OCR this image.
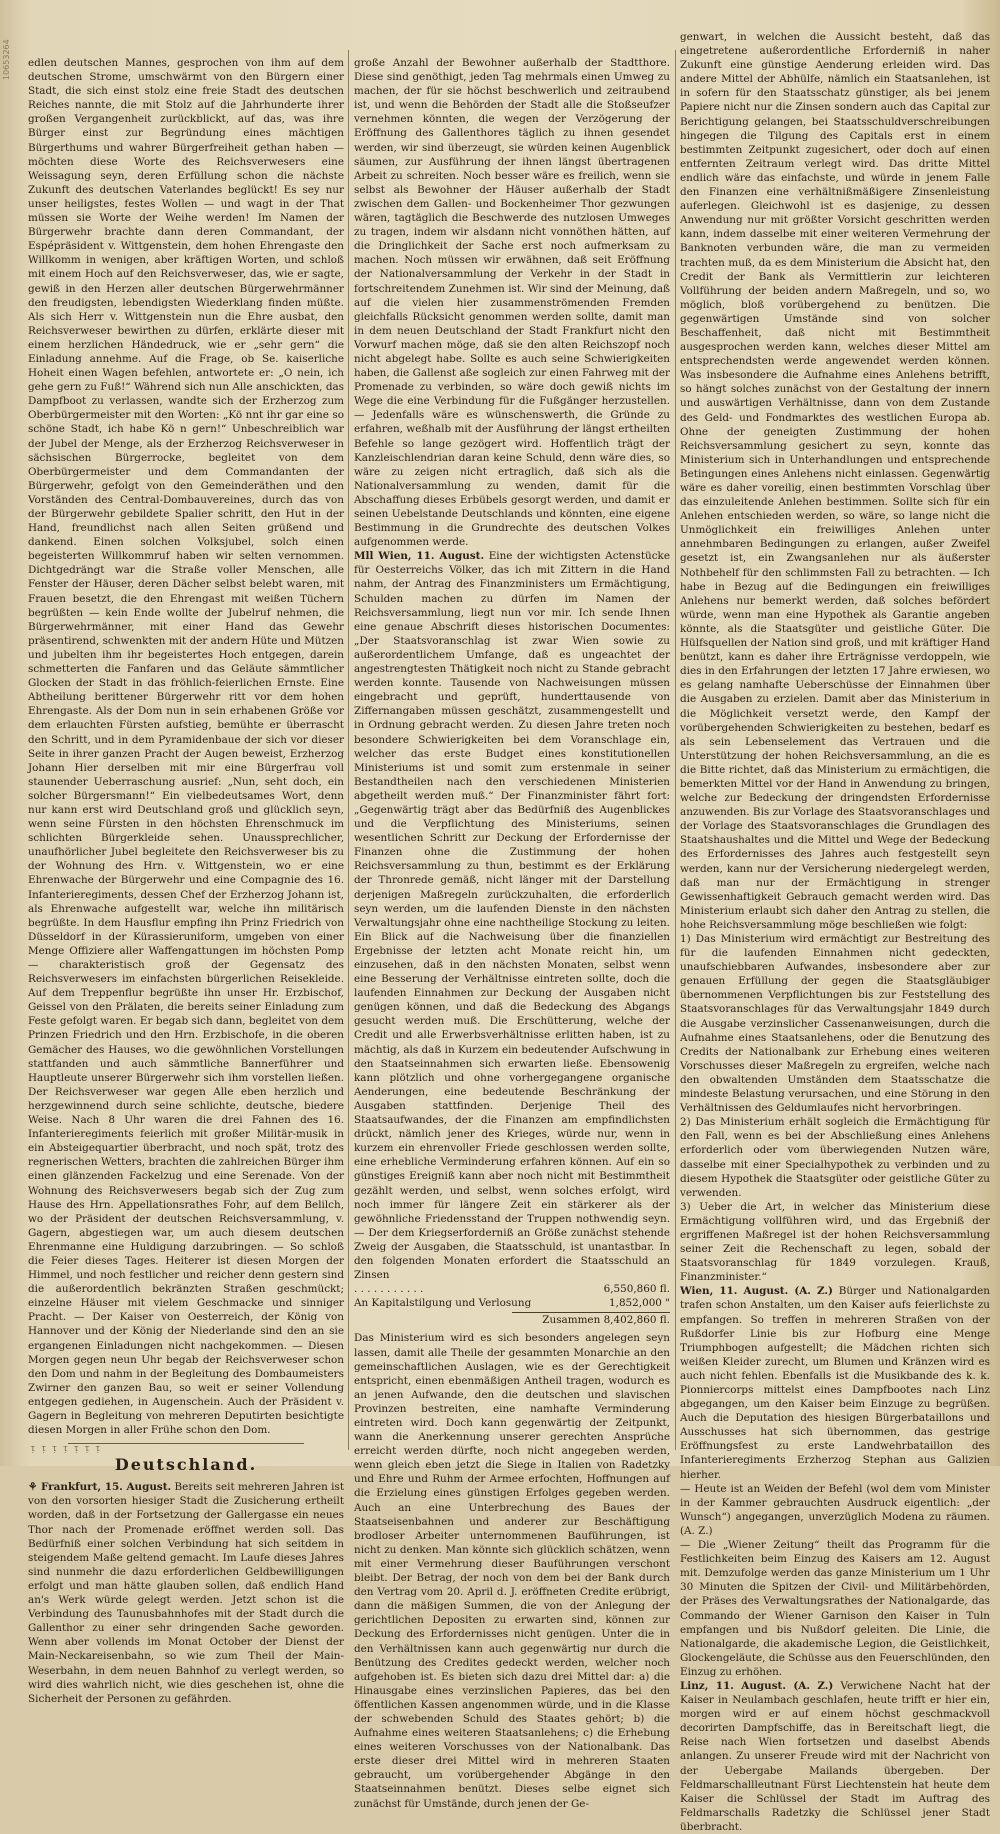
10653264 edlen deutschen Mannes, gesprochen von ihm auf dem deutschen Strome, umschwärmt von den Bürgern einer Stadt, die sich einst stolz eine freie Stadt des deutschen Reiches nannte, die mit Stolz auf die Jahrhunderte ihrer großen Vergangenheit zurückblickt, auf das, was ihre Bürger einst zur Begründung eines mächtigen Bürgerthums und wahrer Bürgerfreiheit gethan haben — möchten diese Worte des Reichsverwesers eine Weissagung seyn, deren Erfüllung schon die nächste Zukunft des deutschen Vaterlandes beglückt! Es sey nur unser heiligstes, festes Wollen — und wagt in der That müssen sie Worte der Weihe werden! Im Namen der Bürgerwehr brachte dann deren Commandant, der Espépräsident v. Wittgenstein, dem hohen Ehrengaste den Willkomm in wenigen, aber kräftigen Worten, und schloß mit einem Hoch auf den Reichsverweser, das, wie er sagte, gewiß in den Herzen aller deutschen Bürgerwehrmänner den freudigsten, lebendigsten Wiederklang finden müßte. Als sich Herr v. Wittgenstein nun die Ehre ausbat, den Reichsverweser bewirthen zu dürfen, erklärte dieser mit einem herzlichen Händedruck, wie er „sehr gern“ die Einladung annehme. Auf die Frage, ob Se. kaiserliche Hoheit einen Wagen befehlen, antwortete er: „O nein, ich gehe gern zu Fuß!“ Während sich nun Alle anschickten, das Dampfboot zu verlassen, wandte sich der Erzherzog zum Oberbürgermeister mit den Worten: „Kö nnt ihr gar eine so schöne Stadt, ich habe Kö n gern!“ Unbeschreiblich war der Jubel der Menge, als der Erzherzog Reichsverweser in sächsischen Bürgerrocke, begleitet von dem Oberbürgermeister und dem Commandanten der Bürgerwehr, gefolgt von den Gemeinderäthen und den Vorständen des Central-Dombauvereines, durch das von der Bürgerwehr gebildete Spalier schritt, den Hut in der Hand, freundlichst nach allen Seiten grüßend und dankend. Einen solchen Volksjubel, solch einen begeisterten Willkommruf haben wir selten vernommen. Dichtgedrängt war die Straße voller Menschen, alle Fenster der Häuser, deren Dächer selbst belebt waren, mit Frauen besetzt, die den Ehrengast mit weißen Tüchern begrüßten — kein Ende wollte der Jubelruf nehmen, die Bürgerwehrmänner, mit einer Hand das Gewehr präsentirend, schwenkten mit der andern Hüte und Mützen und jubelten ihm ihr begeistertes Hoch entgegen, darein schmetterten die Fanfaren und das Geläute sämmtlicher Glocken der Stadt in das fröhlich-feierlichen Ernste. Eine Abtheilung berittener Bürgerwehr ritt vor dem hohen Ehrengaste. Als der Dom nun in sein erhabenen Größe vor dem erlauchten Fürsten aufstieg, bemühte er überrascht den Schritt, und in dem Pyramidenbaue der sich vor dieser Seite in ihrer ganzen Pracht der Augen beweist, Erzherzog Johann Hier derselben mit mir eine Bürgerfrau voll staunender Ueberraschung ausrief: „Nun, seht doch, ein solcher Bürgersmann!“ Ein vielbedeutsames Wort, denn nur kann erst wird Deutschland groß und glücklich seyn, wenn seine Fürsten in den höchsten Ehrenschmuck im schlichten Bürgerkleide sehen. Unaussprechlicher, unaufhörlicher Jubel begleitete den Reichsverweser bis zu der Wohnung des Hrn. v. Wittgenstein, wo er eine Ehrenwache der Bürgerwehr und eine Compagnie des 16. Infanterieregiments, dessen Chef der Erzherzog Johann ist, als Ehrenwache aufgestellt war, welche ihn militärisch begrüßte. In dem Hausflur empfing ihn Prinz Friedrich von Düsseldorf in der Kürassieruniform, umgeben von einer Menge Offiziere aller Waffengattungen im höchsten Pomp — charakteristisch groß der Gegensatz des Reichsverwesers im einfachsten bürgerlichen Reisekleide. Auf dem Treppenflur begrüßte ihn unser Hr. Erzbischof, Geissel von den Prälaten, die bereits seiner Einladung zum Feste gefolgt waren. Er begab sich dann, begleitet von dem Prinzen Friedrich und den Hrn. Erzbischofe, in die oberen Gemächer des Hauses, wo die gewöhnlichen Vorstellungen stattfanden und auch sämmtliche Bannerführer und Hauptleute unserer Bürgerwehr sich ihm vorstellen ließen. Der Reichsverweser war gegen Alle eben herzlich und herzgewinnend durch seine schlichte, deutsche, biedere Weise. Nach 8 Uhr waren die drei Fahnen des 16. Infanterieregiments feierlich mit großer Militär-musik in ein Absteigequartier überbracht, und noch spät, trotz des regnerischen Wetters, brachten die zahlreichen Bürger ihm einen glänzenden Fackelzug und eine Serenade. Von der Wohnung des Reichsverwesers begab sich der Zug zum Hause des Hrn. Appellationsrathes Fohr, auf dem Belilch, wo der Präsident der deutschen Reichsversammlung, v. Gagern, abgestiegen war, um auch diesem deutschen Ehrenmanne eine Huldigung darzubringen. — So schloß die Feier dieses Tages. Heiterer ist diesen Morgen der Himmel, und noch festlicher und reicher denn gestern sind die außerordentlich bekränzten Straßen geschmückt; einzelne Häuser mit vielem Geschmacke und sinniger Pracht. — Der Kaiser von Oesterreich, der König von Hannover und der König der Niederlande sind den an sie ergangenen Einladungen nicht nachgekommen. — Diesen Morgen gegen neun Uhr begab der Reichsverweser schon den Dom und nahm in der Begleitung des Dombaumeisters Zwirner den ganzen Bau, so weit er seiner Vollendung entgegen gediehen, in Augenschein. Auch der Präsident v. Gagern in Begleitung von mehreren Deputirten besichtigte diesen Morgen in aller Frühe schon den Dom.

Deutschland.

⚘ Frankfurt, 15. August. Bereits seit mehreren Jahren ist von den vorsorten hiesiger Stadt die Zusicherung ertheilt worden, daß in der Fortsetzung der Gallergasse ein neues Thor nach der Promenade eröffnet werden soll. Das Bedürfniß einer solchen Verbindung hat sich seitdem in steigendem Maße geltend gemacht. Im Laufe dieses Jahres sind nunmehr die dazu erforderlichen Geldbewilligungen erfolgt und man hätte glauben sollen, daß endlich Hand an's Werk würde gelegt werden. Jetzt schon ist die Verbindung des Taunusbahnhofes mit der Stadt durch die Gallenthor zu einer sehr dringenden Sache geworden. Wenn aber vollends im Monat October der Dienst der Main-Neckareisenbahn, so wie zum Theil der Main-Weserbahn, in dem neuen Bahnhof zu verlegt werden, so wird dies wahrlich nicht, wie dies geschehen ist, ohne die Sicherheit der Personen zu gefährden.

große Anzahl der Bewohner außerhalb der Stadtthore. Diese sind genöthigt, jeden Tag mehrmals einen Umweg zu machen, der für sie höchst beschwerlich und zeitraubend ist, und wenn die Behörden der Stadt alle die Stoßseufzer vernehmen könnten, die wegen der Verzögerung der Eröffnung des Gallenthores täglich zu ihnen gesendet werden, wir sind überzeugt, sie würden keinen Augenblick säumen, zur Ausführung der ihnen längst übertragenen Arbeit zu schreiten. Noch besser wäre es freilich, wenn sie selbst als Bewohner der Häuser außerhalb der Stadt zwischen dem Gallen- und Bockenheimer Thor gezwungen wären, tagtäglich die Beschwerde des nutzlosen Umweges zu tragen, indem wir alsdann nicht vonnöthen hätten, auf die Dringlichkeit der Sache erst noch aufmerksam zu machen. Noch müssen wir erwähnen, daß seit Eröffnung der Nationalversammlung der Verkehr in der Stadt in fortschreitendem Zunehmen ist. Wir sind der Meinung, daß auf die vielen hier zusammenströmenden Fremden gleichfalls Rücksicht genommen werden sollte, damit man in dem neuen Deutschland der Stadt Frankfurt nicht den Vorwurf machen möge, daß sie den alten Reichszopf noch nicht abgelegt habe. Sollte es auch seine Schwierigkeiten haben, die Gallenst aße sogleich zur einen Fahrweg mit der Promenade zu verbinden, so wäre doch gewiß nichts im Wege die eine Verbindung für die Fußgänger herzustellen. — Jedenfalls wäre es wünschenswerth, die Gründe zu erfahren, weßhalb mit der Ausführung der längst ertheilten Befehle so lange gezögert wird. Hoffentlich trägt der Kanzleischlendrian daran keine Schuld, denn wäre dies, so wäre zu zeigen nicht ertraglich, daß sich als die Nationalversammlung zu wenden, damit für die Abschaffung dieses Erbübels gesorgt werden, und damit er seinen Uebelstande Deutschlands und könnten, eine eigene Bestimmung in die Grundrechte des deutschen Volkes aufgenommen werde.

Mll Wien, 11. August. Eine der wichtigsten Actenstücke für Oesterreichs Völker, das ich mit Zittern in die Hand nahm, der Antrag des Finanzministers um Ermächtigung, Schulden machen zu dürfen im Namen der Reichsversammlung, liegt nun vor mir. Ich sende Ihnen eine genaue Abschrift dieses historischen Documentes: „Der Staatsvoranschlag ist zwar Wien sowie zu außerordentlichem Umfange, daß es ungeachtet der angestrengtesten Thätigkeit noch nicht zu Stande gebracht werden konnte. Tausende von Nachweisungen müssen eingebracht und geprüft, hunderttausende von Ziffernangaben müssen geschätzt, zusammengestellt und in Ordnung gebracht werden. Zu diesen Jahre treten noch besondere Schwierigkeiten bei dem Voranschlage ein, welcher das erste Budget eines konstitutionellen Ministeriums ist und somit zum erstenmale in seiner Bestandtheilen nach den verschiedenen Ministerien abgetheilt werden muß.“ Der Finanzminister fährt fort: „Gegenwärtig trägt aber das Bedürfniß des Augenblickes und die Verpflichtung des Ministeriums, seinen wesentlichen Schritt zur Deckung der Erfordernisse der Finanzen ohne die Zustimmung der hohen Reichsversammlung zu thun, bestimmt es der Erklärung der Thronrede gemäß, nicht länger mit der Darstellung derjenigen Maßregeln zurückzuhalten, die erforderlich seyn werden, um die laufenden Dienste in den nächsten Verwaltungsjahr ohne eine nachtheilige Stockung zu leiten. Ein Blick auf die Nachweisung über die finanziellen Ergebnisse der letzten acht Monate reicht hin, um einzusehen, daß in den nächsten Monaten, selbst wenn eine Besserung der Verhältnisse eintreten sollte, doch die laufenden Einnahmen zur Deckung der Ausgaben nicht genügen können, und daß die Bedeckung des Abgangs gesucht werden muß. Die Erschütterung, welche der Credit und alle Erwerbsverhältnisse erlitten haben, ist zu mächtig, als daß in Kurzem ein bedeutender Aufschwung in den Staatseinnahmen sich erwarten ließe. Ebensowenig kann plötzlich und ohne vorhergegangene organische Aenderungen, eine bedeutende Beschränkung der Ausgaben stattfinden. Derjenige Theil des Staatsaufwandes, der die Finanzen am empfindlichsten drückt, nämlich jener des Krieges, würde nur, wenn in kurzem ein ehrenvoller Friede geschlossen werden sollte, eine erhebliche Verminderung erfahren können. Auf ein so günstiges Ereigniß kann aber noch nicht mit Bestimmtheit gezählt werden, und selbst, wenn solches erfolgt, wird noch immer für längere Zeit ein stärkerer als der gewöhnliche Friedensstand der Truppen nothwendig seyn. — Der dem Kriegserforderniß an Größe zunächst stehende Zweig der Ausgaben, die Staatsschuld, ist unantastbar. In den folgenden Monaten erfordert die Staatsschuld an Zinsen

. . . . . . . . . . .	6,550,860 fl.
An Kapitalstilgung und Verlosung	1,852,000 "
Zusammen 8,402,860 fl.

Das Ministerium wird es sich besonders angelegen seyn lassen, damit alle Theile der gesammten Monarchie an den gemeinschaftlichen Auslagen, wie es der Gerechtigkeit entspricht, einen ebenmäßigen Antheil tragen, wodurch es an jenen Aufwande, den die deutschen und slavischen Provinzen bestreiten, eine namhafte Verminderung eintreten wird. Doch kann gegenwärtig der Zeitpunkt, wann die Anerkennung unserer gerechten Ansprüche erreicht werden dürfte, noch nicht angegeben werden, wenn gleich eben jetzt die Siege in Italien von Radetzky und Ehre und Ruhm der Armee erfochten, Hoffnungen auf die Erzielung eines günstigen Erfolges gegeben werden. Auch an eine Unterbrechung des Baues der Staatseisenbahnen und anderer zur Beschäftigung brodloser Arbeiter unternommenen Bauführungen, ist nicht zu denken. Man könnte sich glücklich schätzen, wenn mit einer Vermehrung dieser Bauführungen verschont bleibt. Der Betrag, der noch von dem bei der Bank durch den Vertrag vom 20. April d. J. eröffneten Credite erübrigt, dann die mäßigen Summen, die von der Anlegung der gerichtlichen Depositen zu erwarten sind, können zur Deckung des Erfordernisses nicht genügen. Unter die in den Verhältnissen kann auch gegenwärtig nur durch die Benützung des Credites gedeckt werden, welcher noch aufgehoben ist. Es bieten sich dazu drei Mittel dar: a) die Hinausgabe eines verzinslichen Papieres, das bei den öffentlichen Kassen angenommen würde, und in die Klasse der schwebenden Schuld des Staates gehört; b) die Aufnahme eines weiteren Staatsanlehens; c) die Erhebung eines weiteren Vorschusses von der Nationalbank. Das erste dieser drei Mittel wird in mehreren Staaten gebraucht, um vorübergehender Abgänge in den Staatseinnahmen benützt. Dieses selbe eignet sich zunächst für Umstände, durch jenen der Ge-

genwart, in welchen die Aussicht besteht, daß das eingetretene außerordentliche Erforderniß in naher Zukunft eine günstige Aenderung erleiden wird. Das andere Mittel der Abhülfe, nämlich ein Staatsanlehen, ist in sofern für den Staatsschatz günstiger, als bei jenem Papiere nicht nur die Zinsen sondern auch das Capital zur Berichtigung gelangen, bei Staatsschuldverschreibungen hingegen die Tilgung des Capitals erst in einem bestimmten Zeitpunkt zugesichert, oder doch auf einen entfernten Zeitraum verlegt wird. Das dritte Mittel endlich wäre das einfachste, und würde in jenem Falle den Finanzen eine verhältnißmäßigere Zinsenleistung auferlegen. Gleichwohl ist es dasjenige, zu dessen Anwendung nur mit größter Vorsicht geschritten werden kann, indem dasselbe mit einer weiteren Vermehrung der Banknoten verbunden wäre, die man zu vermeiden trachten muß, da es dem Ministerium die Absicht hat, den Credit der Bank als Vermittlerin zur leichteren Vollführung der beiden andern Maßregeln, und so, wo möglich, bloß vorübergehend zu benützen. Die gegenwärtigen Umstände sind von solcher Beschaffenheit, daß nicht mit Bestimmtheit ausgesprochen werden kann, welches dieser Mittel am entsprechendsten werde angewendet werden können. Was insbesondere die Aufnahme eines Anlehens betrifft, so hängt solches zunächst von der Gestaltung der innern und auswärtigen Verhältnisse, dann von dem Zustande des Geld- und Fondmarktes des westlichen Europa ab. Ohne der geneigten Zustimmung der hohen Reichsversammlung gesichert zu seyn, konnte das Ministerium sich in Unterhandlungen und entsprechende Betingungen eines Anlehens nicht einlassen. Gegenwärtig wäre es daher voreilig, einen bestimmten Vorschlag über das einzuleitende Anlehen bestimmen. Sollte sich für ein Anlehen entschieden werden, so wäre, so lange nicht die Unmöglichkeit ein freiwilliges Anlehen unter annehmbaren Bedingungen zu erlangen, außer Zweifel gesetzt ist, ein Zwangsanlehen nur als äußerster Nothbehelf für den schlimmsten Fall zu betrachten. — Ich habe in Bezug auf die Bedingungen ein freiwilliges Anlehens nur bemerkt werden, daß solches befördert würde, wenn man eine Hypothek als Garantie angeben könnte, als die Staatsgüter und geistliche Güter. Die Hülfsquellen der Nation sind groß, und mit kräftiger Hand benützt, kann es daher ihre Erträgnisse verdoppeln, wie dies in den Erfahrungen der letzten 17 Jahre erwiesen, wo es gelang namhafte Ueberschüsse der Einnahmen über die Ausgaben zu erzielen. Damit aber das Ministerium in die Möglichkeit versetzt werde, den Kampf der vorübergehenden Schwierigkeiten zu bestehen, bedarf es als sein Lebenselement das Vertrauen und die Unterstützung der hohen Reichsversammlung, an die es die Bitte richtet, daß das Ministerium zu ermächtigen, die bemerkten Mittel vor der Hand in Anwendung zu bringen, welche zur Bedeckung der dringendsten Erfordernisse anzuwenden. Bis zur Vorlage des Staatsvoranschlages und der Vorlage des Staatsvoranschlages die Grundlagen des Staatshaushaltes und die Mittel und Wege der Bedeckung des Erfordernisses des Jahres auch festgestellt seyn werden, kann nur der Versicherung niedergelegt werden, daß man nur der Ermächtigung in strenger Gewissenhaftigkeit Gebrauch gemacht werden wird. Das Ministerium erlaubt sich daher den Antrag zu stellen, die hohe Reichsversammlung möge beschließen wie folgt:

1) Das Ministerium wird ermächtigt zur Bestreitung des für die laufenden Einnahmen nicht gedeckten, unaufschiebbaren Aufwandes, insbesondere aber zur genauen Erfüllung der gegen die Staatsgläubiger übernommenen Verpflichtungen bis zur Feststellung des Staatsvoranschlages für das Verwaltungsjahr 1849 durch die Ausgabe verzinslicher Cassenanweisungen, durch die Aufnahme eines Staatsanlehens, oder die Benutzung des Credits der Nationalbank zur Erhebung eines weiteren Vorschusses dieser Maßregeln zu ergreifen, welche nach den obwaltenden Umständen dem Staatsschatze die mindeste Belastung verursachen, und eine Störung in den Verhältnissen des Geldumlaufes nicht hervorbringen.

2) Das Ministerium erhält sogleich die Ermächtigung für den Fall, wenn es bei der Abschließung eines Anlehens erforderlich oder vom überwiegenden Nutzen wäre, dasselbe mit einer Specialhypothek zu verbinden und zu diesem Hypothek die Staatsgüter oder geistliche Güter zu verwenden.

3) Ueber die Art, in welcher das Ministerium diese Ermächtigung vollführen wird, und das Ergebniß der ergriffenen Maßregel ist der hohen Reichsversammlung seiner Zeit die Rechenschaft zu legen, sobald der Staatsvoranschlag für 1849 vorzulegen. Krauß, Finanzminister.“

Wien, 11. August. (A. Z.) Bürger und Nationalgarden trafen schon Anstalten, um den Kaiser aufs feierlichste zu empfangen. So treffen in mehreren Straßen von der Rußdorfer Linie bis zur Hofburg eine Menge Triumphbogen aufgestellt; die Mädchen richten sich weißen Kleider zurecht, um Blumen und Kränzen wird es auch nicht fehlen. Ebenfalls ist die Musikbande des k. k. Pionniercorps mittelst eines Dampfbootes nach Linz abgegangen, um den Kaiser beim Einzuge zu begrüßen. Auch die Deputation des hiesigen Bürgerbataillons und Ausschusses hat sich übernommen, das gestrige Eröffnungsfest zu erste Landwehrbataillon des Infanterieregiments Erzherzog Stephan aus Galizien hierher.

— Heute ist an Weiden der Befehl (wol dem vom Minister in der Kammer gebrauchten Ausdruck eigentlich: „der Wunsch“) angegangen, unverzüglich Modena zu räumen. (A. Z.)

— Die „Wiener Zeitung“ theilt das Programm für die Festlichkeiten beim Einzug des Kaisers am 12. August mit. Demzufolge werden das ganze Ministerium um 1 Uhr 30 Minuten die Spitzen der Civil- und Militärbehörden, der Präses des Verwaltungsrathes der Nationalgarde, das Commando der Wiener Garnison den Kaiser in Tuln empfangen und bis Nußdorf geleiten. Die Linie, die Nationalgarde, die akademische Legion, die Geistlichkeit, Glockengeläute, die Schüsse aus den Feuerschlünden, den Einzug zu erhöhen.

Linz, 11. August. (A. Z.) Verwichene Nacht hat der Kaiser in Neulambach geschlafen, heute trifft er hier ein, morgen wird er auf einem höchst geschmackvoll decorirten Dampfschiffe, das in Bereitschaft liegt, die Reise nach Wien fortsetzen und daselbst Abends anlangen. Zu unserer Freude wird mit der Nachricht von der Uebergabe Mailands übergeben. Der Feldmarschallleutnant Fürst Liechtenstein hat heute dem Kaiser die Schlüssel der Stadt im Auftrag des Feldmarschalls Radetzky die Schlüssel jener Stadt überbracht.

ᴉ ᴉ ᴉ ᴉ ᴉ ᴉ ᴉ
